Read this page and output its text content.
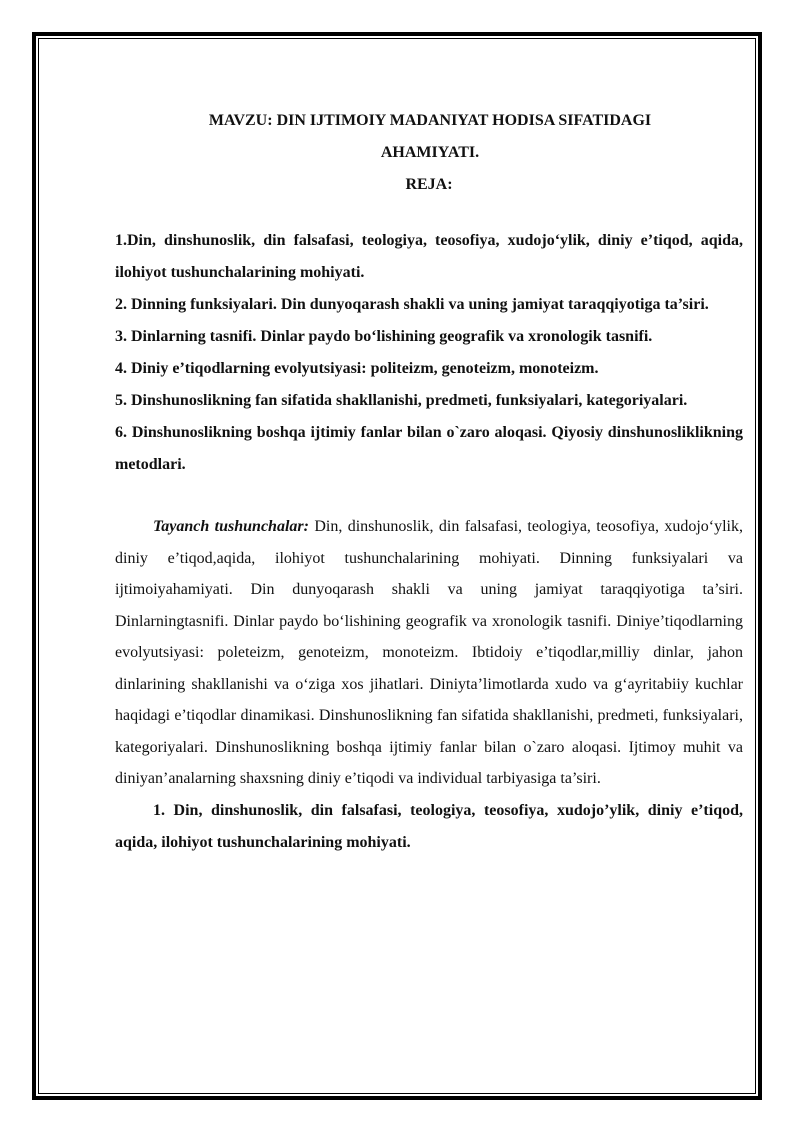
MAVZU: DIN IJTIMOIY MADANIYAT HODISA SIFATIDAGI
AHAMIYATI.

REJA:

1.Din, dinshunoslik, din falsafasi, teologiya, teosofiya, xudojo‘ylik, diniy e’tiqod, aqida, ilohiyot tushunchalarining mohiyati.
2. Dinning funksiyalari. Din dunyoqarash shakli va uning jamiyat taraqqiyotiga ta’siri.
3. Dinlarning tasnifi. Dinlar paydo bo‘lishining geografik va xronologik tasnifi.
4. Diniy e’tiqodlarning evolyutsiyasi: politeizm, genoteizm, monoteizm.
5. Dinshunoslikning fan sifatida shakllanishi, predmeti, funksiyalari, kategoriyalari.
6. Dinshunoslikning boshqa ijtimiy fanlar bilan o`zaro aloqasi. Qiyosiy dinshunosliklikning metodlari.

Tayanch tushunchalar: Din, dinshunoslik, din falsafasi, teologiya, teosofiya, xudojo‘ylik, diniy e’tiqod,aqida, ilohiyot tushunchalarining mohiyati. Dinning funksiyalari va ijtimoiyahamiyati. Din dunyoqarash shakli va uning jamiyat taraqqiyotiga ta’siri. Dinlarningtasnifi. Dinlar paydo bo‘lishining geografik va xronologik tasnifi. Diniye’tiqodlarning evolyutsiyasi: poleteizm, genoteizm, monoteizm. Ibtidoiy e’tiqodlar,milliy dinlar, jahon dinlarining shakllanishi va o‘ziga xos jihatlari. Diniyta’limotlarda xudo va g‘ayritabiiy kuchlar haqidagi e’tiqodlar dinamikasi. Dinshunoslikning fan sifatida shakllanishi, predmeti, funksiyalari, kategoriyalari. Dinshunoslikning boshqa ijtimiy fanlar bilan o`zaro aloqasi. Ijtimoy muhit va diniyan’analarning shaxsning diniy e’tiqodi va individual tarbiyasiga ta’siri.

1. Din, dinshunoslik, din falsafasi, teologiya, teosofiya, xudojo’ylik, diniy e’tiqod, aqida, ilohiyot tushunchalarining mohiyati.
